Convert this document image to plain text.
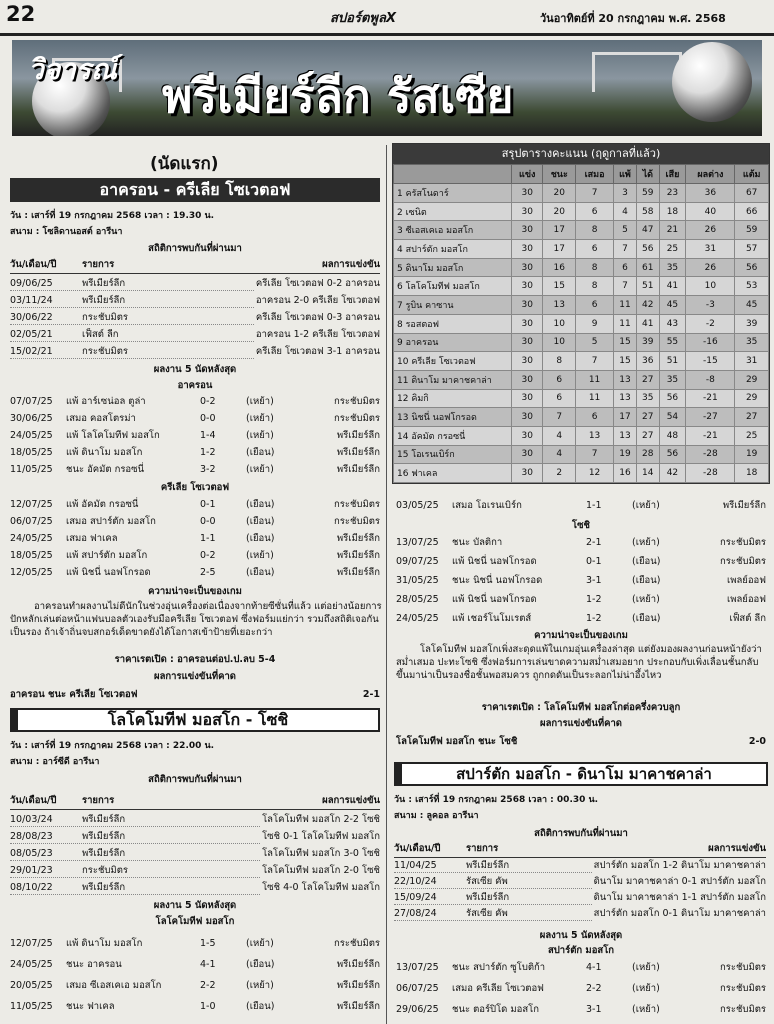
22	สปอร์ตพูลX	วันอาทิตย์ที่ 20 กรกฎาคม พ.ศ. 2568
วิจารณ์ พรีเมียร์ลีก รัสเซีย
(นัดแรก)
สรุปตารางคะแนน (ฤดูกาลที่แล้ว)
	แข่ง	ชนะ	เสมอ	แพ้	ได้	เสีย	ผลต่าง	แต้ม
1 ครัสโนดาร์	30	20	7	3	59	23	36	67
2 เซนิต	30	20	6	4	58	18	40	66
3 ซีเอสเคเอ มอสโก	30	17	8	5	47	21	26	59
4 สปาร์ตัก มอสโก	30	17	6	7	56	25	31	57
5 ดินาโม มอสโก	30	16	8	6	61	35	26	56
6 โลโคโมทีฟ มอสโก	30	15	8	7	51	41	10	53
7 รูบิน คาซาน	30	13	6	11	42	45	-3	45
8 รอสตอฟ	30	10	9	11	41	43	-2	39
9 อาครอน	30	10	5	15	39	55	-16	35
10 ครีเลีย โซเวตอฟ	30	8	7	15	36	51	-15	31
11 ดินาโม มาคาชคาล่า	30	6	11	13	27	35	-8	29
12 คิมกิ	30	6	11	13	35	56	-21	29
13 นิชนี่ นอฟโกรอด	30	7	6	17	27	54	-27	27
14 อัคมัต กรอซนี่	30	4	13	13	27	48	-21	25
15 โอเรนเบิร์ก	30	4	7	19	28	56	-28	19
16 ฟาเคล	30	2	12	16	14	42	-28	18
อาครอน - ครีเลีย โซเวตอฟ
วัน : เสาร์ที่ 19 กรกฎาคม 2568 เวลา : 19.30 น.
สนาม : โซลิดานอสต์ อารีนา
สถิติการพบกันที่ผ่านมา
วัน/เดือน/ปี	รายการ	ผลการแข่งขัน
09/06/25	พรีเมียร์ลีก	ครีเลีย โซเวตอฟ 0-2 อาครอน
03/11/24	พรีเมียร์ลีก	อาครอน 2-0 ครีเลีย โซเวตอฟ
30/06/22	กระชับมิตร	ครีเลีย โซเวตอฟ 0-3 อาครอน
02/05/21	เฟ็สต์ ลีก	อาครอน 1-2 ครีเลีย โซเวตอฟ
15/02/21	กระชับมิตร	ครีเลีย โซเวตอฟ 3-1 อาครอน
ผลงาน 5 นัดหลังสุด
อาครอน
07/07/25 แพ้ อาร์เซน่อล ตูล่า	0-2	(เหย้า)	กระชับมิตร
30/06/25 เสมอ คอสโตรม่า	0-0	(เหย้า)	กระชับมิตร
24/05/25 แพ้ โลโคโมทีฟ มอสโก	1-4	(เหย้า)	พรีเมียร์ลีก
18/05/25 แพ้ ดินาโม มอสโก	1-2	(เยือน)	พรีเมียร์ลีก
11/05/25 ชนะ อัคมัต กรอซนี่	3-2	(เหย้า)	พรีเมียร์ลีก
ครีเลีย โซเวตอฟ
12/07/25 แพ้ อัคมัต กรอซนี่	0-1	(เยือน)	กระชับมิตร
06/07/25 เสมอ สปาร์ตัก มอสโก	0-0	(เยือน)	กระชับมิตร
24/05/25 เสมอ ฟาเคล	1-1	(เยือน)	พรีเมียร์ลีก
18/05/25 แพ้ สปาร์ตัก มอสโก	0-2	(เหย้า)	พรีเมียร์ลีก
12/05/25 แพ้ นิชนี่ นอฟโกรอด	2-5	(เยือน)	พรีเมียร์ลีก
ความน่าจะเป็นของเกม
อาครอนทำผลงานไม่ดีนักในช่วงอุ่นเครื่องต่อเนื่องจากท้ายซีซั่นที่แล้ว แต่อย่างน้อยการปักหลักเล่นต่อหน้าแฟนบอลตัวเองรับมือครีเลีย โซเวตอฟ ซึ่งฟอร์มแย่กว่า รวมถึงสถิติเจอกันเป็นรอง ถ้าเจ้าถิ่นจบสกอร์เด็ดขาดยังได้โอกาสเข้าป้ายที่เยอะกว่า
ราคาเรตเปิด : อาครอนต่อป.ป.ลบ 5-4
ผลการแข่งขันที่คาด
อาครอน ชนะ ครีเลีย โซเวตอฟ	2-1
โลโคโมทีฟ มอสโก - โซชิ
วัน : เสาร์ที่ 19 กรกฎาคม 2568 เวลา : 22.00 น.
สนาม : อาร์ซีดี อารีนา
สถิติการพบกันที่ผ่านมา
วัน/เดือน/ปี	รายการ	ผลการแข่งขัน
10/03/24	พรีเมียร์ลีก	โลโคโมทีฟ มอสโก 2-2 โซชิ
28/08/23	พรีเมียร์ลีก	โซชิ 0-1 โลโคโมทีฟ มอสโก
08/05/23	พรีเมียร์ลีก	โลโคโมทีฟ มอสโก 3-0 โซชิ
29/01/23	กระชับมิตร	โลโคโมทีฟ มอสโก 2-0 โซชิ
08/10/22	พรีเมียร์ลีก	โซชิ 4-0 โลโคโมทีฟ มอสโก
ผลงาน 5 นัดหลังสุด
โลโคโมทีฟ มอสโก
12/07/25 แพ้ ดินาโม มอสโก	1-5	(เหย้า)	กระชับมิตร
24/05/25 ชนะ อาครอน	4-1	(เยือน)	พรีเมียร์ลีก
20/05/25 เสมอ ซีเอสเคเอ มอสโก	2-2	(เหย้า)	พรีเมียร์ลีก
11/05/25 ชนะ ฟาเคล	1-0	(เยือน)	พรีเมียร์ลีก
03/05/25 เสมอ โอเรนเบิร์ก	1-1	(เหย้า)	พรีเมียร์ลีก
โซชิ
13/07/25 ชนะ บัลติกา	2-1	(เหย้า)	กระชับมิตร
09/07/25 แพ้ นิชนี่ นอฟโกรอด	0-1	(เยือน)	กระชับมิตร
31/05/25 ชนะ นิชนี่ นอฟโกรอด	3-1	(เยือน)	เพลย์ออฟ
28/05/25 แพ้ นิชนี่ นอฟโกรอด	1-2	(เหย้า)	เพลย์ออฟ
24/05/25 แพ้ เชอร์โนโมเรตส์	1-2	(เยือน)	เฟ็สต์ ลีก
ความน่าจะเป็นของเกม
โลโคโมทีฟ มอสโกเพิ่งสะดุดแพ้ในเกมอุ่นเครื่องล่าสุด แต่ยังมองผลงานก่อนหน้ายังว่าสม่ำเสมอ ปะทะโซชิ ซึ่งฟอร์มการเล่นขาดความสม่ำเสมอยาก ประกอบกับเพิ่งเลื่อนชั้นกลับขึ้นมาน่าเป็นรองชื่อชั้นพอสมควร ถูกกดดันเป็นระลอกไม่น่าอึ้งไหว
ราคาเรตเปิด : โลโคโมทีฟ มอสโกต่อครึ่งควบลูก
ผลการแข่งขันที่คาด
โลโคโมทีฟ มอสโก ชนะ โซชิ	2-0
สปาร์ตัก มอสโก - ดินาโม มาคาชคาล่า
วัน : เสาร์ที่ 19 กรกฎาคม 2568 เวลา : 00.30 น.
สนาม : ลูคอล อารีนา
สถิติการพบกันที่ผ่านมา
วัน/เดือน/ปี	รายการ	ผลการแข่งขัน
11/04/25	พรีเมียร์ลีก	สปาร์ตัก มอสโก 1-2 ดินาโม มาคาชคาล่า
22/10/24	รัสเซีย คัพ	ดินาโม มาคาชคาล่า 0-1 สปาร์ตัก มอสโก
15/09/24	พรีเมียร์ลีก	ดินาโม มาคาชคาล่า 1-1 สปาร์ตัก มอสโก
27/08/24	รัสเซีย คัพ	สปาร์ตัก มอสโก 0-1 ดินาโม มาคาชคาล่า
ผลงาน 5 นัดหลังสุด
สปาร์ตัก มอสโก
13/07/25 ชนะ สปาร์ตัก ซูโบติก้า	4-1	(เหย้า)	กระชับมิตร
06/07/25 เสมอ ครีเลีย โซเวตอฟ	2-2	(เหย้า)	กระชับมิตร
29/06/25 ชนะ ตอร์ปิโด มอสโก	3-1	(เหย้า)	กระชับมิตร
